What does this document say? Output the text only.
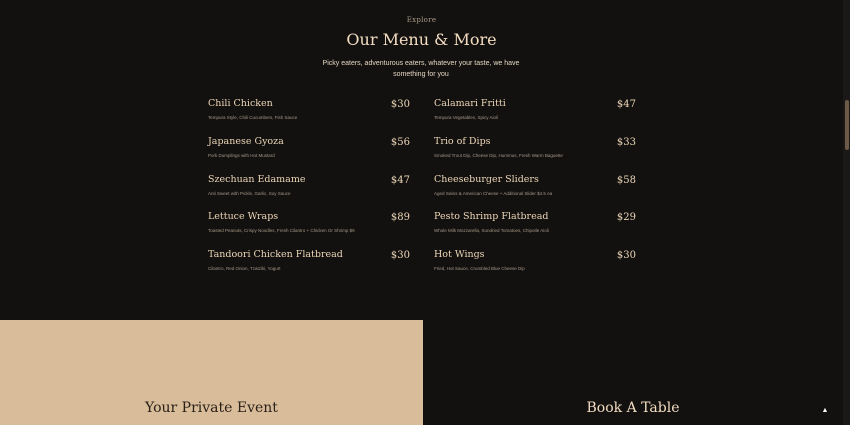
Explore
Our Menu & More
Picky eaters, adventurous eaters, whatever your taste, we have something for you
Chili Chicken
Tempura Style, Chili Cucumbers, Fish Sauce
$30
Japanese Gyoza
Pork Dumplings with Hot Mustard
$56
Szechuan Edamame
Anti Sweet with Pickle, Garlic, Soy Sauce
$47
Lettuce Wraps
Toasted Peanuts, Crispy Noodles, Fresh Cilantro + Chicken Or Shrimp $9
$89
Tandoori Chicken Flatbread
Cilantro, Red Onion, Tzatziki, Yogurt
$30
Calamari Fritti
Tempura Vegetables, Spicy Aioli
$47
Trio of Dips
Smoked Trout Dip, Cheese Dip, Hummus, Fresh Warm Baguette
$33
Cheeseburger Sliders
Aged Swiss & American Cheese + Additional Slider $4.5 ea
$58
Pesto Shrimp Flatbread
Whole Milk Mozzarella, Sundried Tomatoes, Chipotle Aioli
$29
Hot Wings
Fried, Hot Sauce, Crumbled Blue Cheese Dip
$30
Your Private Event	Book A Table	▲
